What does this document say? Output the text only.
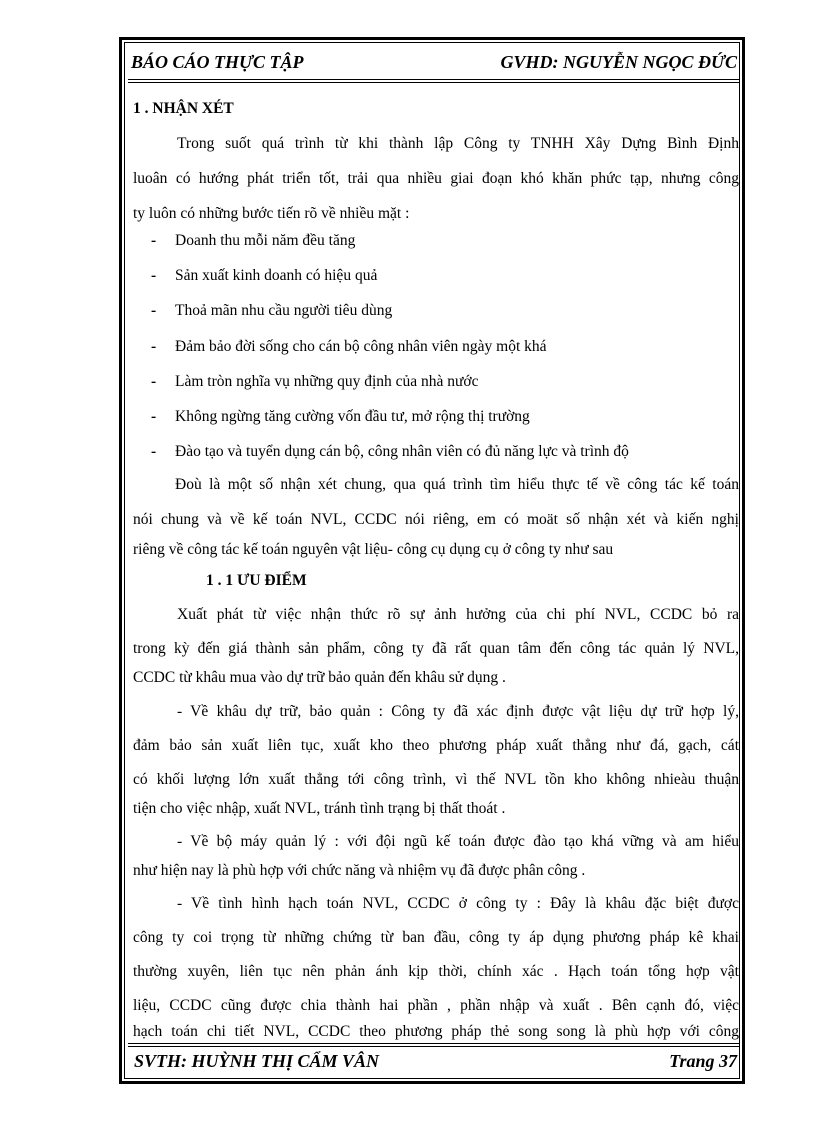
BÁO CÁO THỰC TẬP	GVHD: NGUYỄN NGỌC ĐỨC
1 . NHẬN XÉT
Trong suốt quá trình từ khi thành lập Công ty TNHH Xây Dựng Bình Định
luoân có hướng phát triển tốt, trải qua nhiều giai đoạn khó khăn phức tạp, nhưng công
ty luôn có những bước tiến rõ về nhiều mặt :
- Doanh thu mỗi năm đều tăng
- Sản xuất kinh doanh có hiệu quả
- Thoả mãn nhu cầu người tiêu dùng
- Đảm bảo đời sống cho cán bộ công nhân viên ngày một khá
- Làm tròn nghĩa vụ những quy định của nhà nước
- Không ngừng tăng cường vốn đầu tư, mở rộng thị trường
- Đào tạo và tuyển dụng cán bộ, công nhân viên có đủ năng lực và trình độ
Đoù là một số nhận xét chung, qua quá trình tìm hiểu thực tế về công tác kế toán
nói chung và về kế toán NVL, CCDC nói riêng, em có moät số nhận xét và kiến nghị
riêng về công tác kế toán nguyên vật liệu- công cụ dụng cụ ở công ty như sau
1 . 1 ƯU ĐIỂM
Xuất phát từ việc nhận thức rõ sự ảnh hưởng của chi phí NVL, CCDC bỏ ra
trong kỳ đến giá thành sản phẩm, công ty đã rất quan tâm đến công tác quản lý NVL,
CCDC từ khâu mua vào dự trữ bảo quản đến khâu sử dụng .
- Về khâu dự trữ, bảo quản : Công ty đã xác định được vật liệu dự trữ hợp lý,
đảm bảo sản xuất liên tục, xuất kho theo phương pháp xuất thẳng như đá, gạch, cát
có khối lượng lớn xuất thẳng tới công trình, vì thế NVL tồn kho không nhieàu thuận
tiện cho việc nhập, xuất NVL, tránh tình trạng bị thất thoát .
- Về bộ máy quản lý : với đội ngũ kế toán được đào tạo khá vững và am hiểu
như hiện nay là phù hợp với chức năng và nhiệm vụ đã được phân công .
- Về tình hình hạch toán NVL, CCDC ở công ty : Đây là khâu đặc biệt được
công ty coi trọng từ những chứng từ ban đầu, công ty áp dụng phương pháp kê khai
thường xuyên, liên tục nên phản ánh kịp thời, chính xác . Hạch toán tổng hợp vật
liệu, CCDC cũng được chia thành hai phần , phần nhập và xuất . Bên cạnh đó, việc
hạch toán chi tiết NVL, CCDC theo phương pháp thẻ song song là phù hợp với công
SVTH: HUỲNH THỊ CẨM VÂN	Trang 37
